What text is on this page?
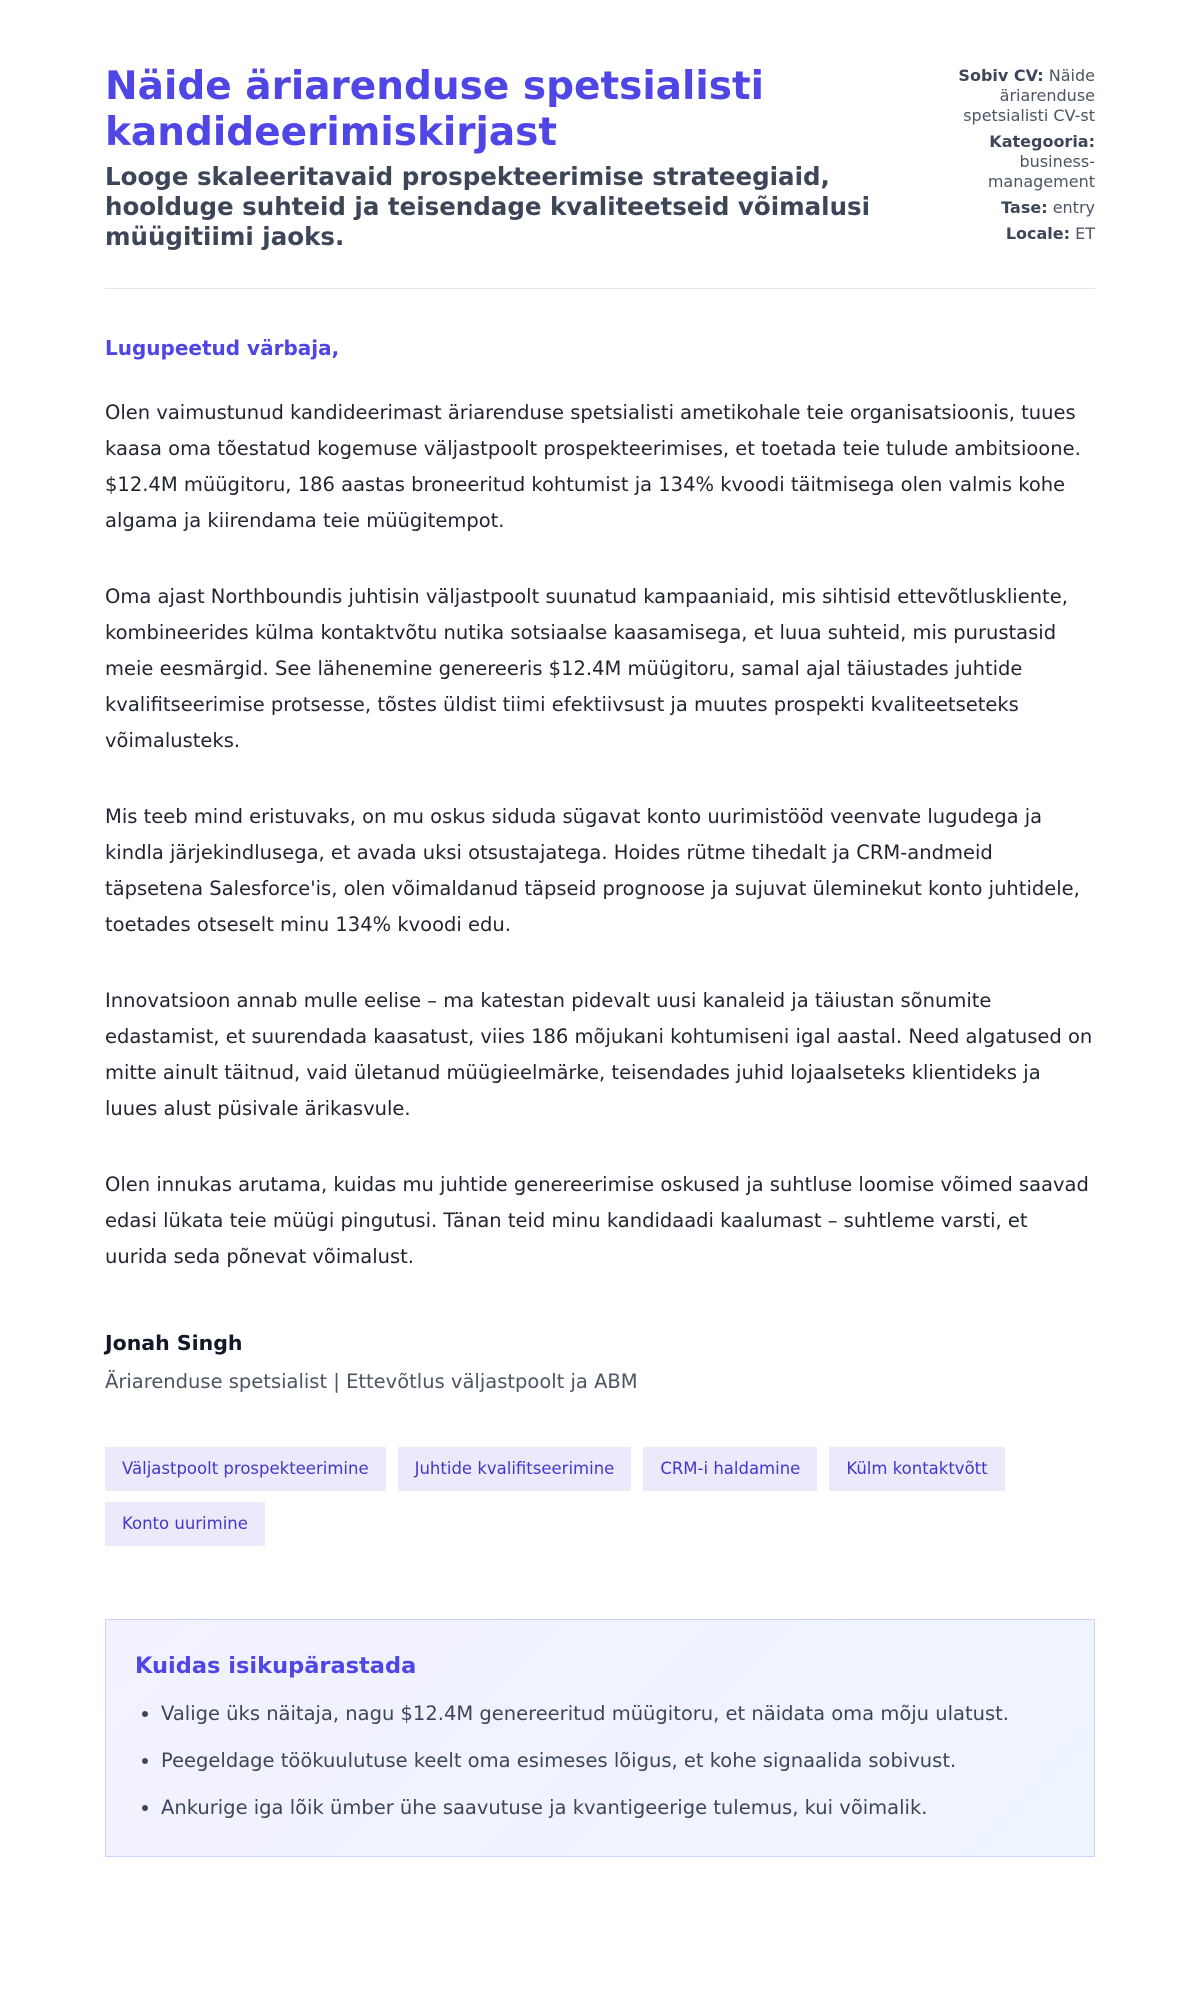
Näide äriarenduse spetsialisti kandideerimiskirjast

Looge skaleeritavaid prospekteerimise strateegiaid, hoolduge suhteid ja teisendage kvaliteetseid võimalusi müügitiimi jaoks.

Sobiv CV: Näide äriarenduse spetsialisti CV-st
Kategooria: business-management
Tase: entry
Locale: ET

Lugupeetud värbaja,

Olen vaimustunud kandideerimast äriarenduse spetsialisti ametikohale teie organisatsioonis, tuues kaasa oma tõestatud kogemuse väljastpoolt prospekteerimises, et toetada teie tulude ambitsioone. $12.4M müügitoru, 186 aastas broneeritud kohtumist ja 134% kvoodi täitmisega olen valmis kohe algama ja kiirendama teie müügitempot.

Oma ajast Northboundis juhtisin väljastpoolt suunatud kampaaniaid, mis sihtisid ettevõtluskliente, kombineerides külma kontaktvõtu nutika sotsiaalse kaasamisega, et luua suhteid, mis purustasid meie eesmärgid. See lähenemine genereeris $12.4M müügitoru, samal ajal täiustades juhtide kvalifitseerimise protsesse, tõstes üldist tiimi efektiivsust ja muutes prospekti kvaliteetseteks võimalusteks.

Mis teeb mind eristuvaks, on mu oskus siduda sügavat konto uurimistööd veenvate lugudega ja kindla järjekindlusega, et avada uksi otsustajatega. Hoides rütme tihedalt ja CRM-andmeid täpsetena Salesforce'is, olen võimaldanud täpseid prognoose ja sujuvat üleminekut konto juhtidele, toetades otseselt minu 134% kvoodi edu.

Innovatsioon annab mulle eelise – ma katestan pidevalt uusi kanaleid ja täiustan sõnumite edastamist, et suurendada kaasatust, viies 186 mõjukani kohtumiseni igal aastal. Need algatused on mitte ainult täitnud, vaid ületanud müügieelmärke, teisendades juhid lojaalseteks klientideks ja luues alust püsivale ärikasvule.

Olen innukas arutama, kuidas mu juhtide genereerimise oskused ja suhtluse loomise võimed saavad edasi lükata teie müügi pingutusi. Tänan teid minu kandidaadi kaalumast – suhtleme varsti, et uurida seda põnevat võimalust.

Jonah Singh
Äriarenduse spetsialist | Ettevõtlus väljastpoolt ja ABM
Väljastpoolt prospekteerimine	Juhtide kvalifitseerimine	CRM-i haldamine	Külm kontaktvõtt
Konto uurimine
Kuidas isikupärastada
• Valige üks näitaja, nagu $12.4M genereeritud müügitoru, et näidata oma mõju ulatust.
• Peegeldage töökuulutuse keelt oma esimeses lõigus, et kohe signaalida sobivust.
• Ankurige iga lõik ümber ühe saavutuse ja kvantigeerige tulemus, kui võimalik.
